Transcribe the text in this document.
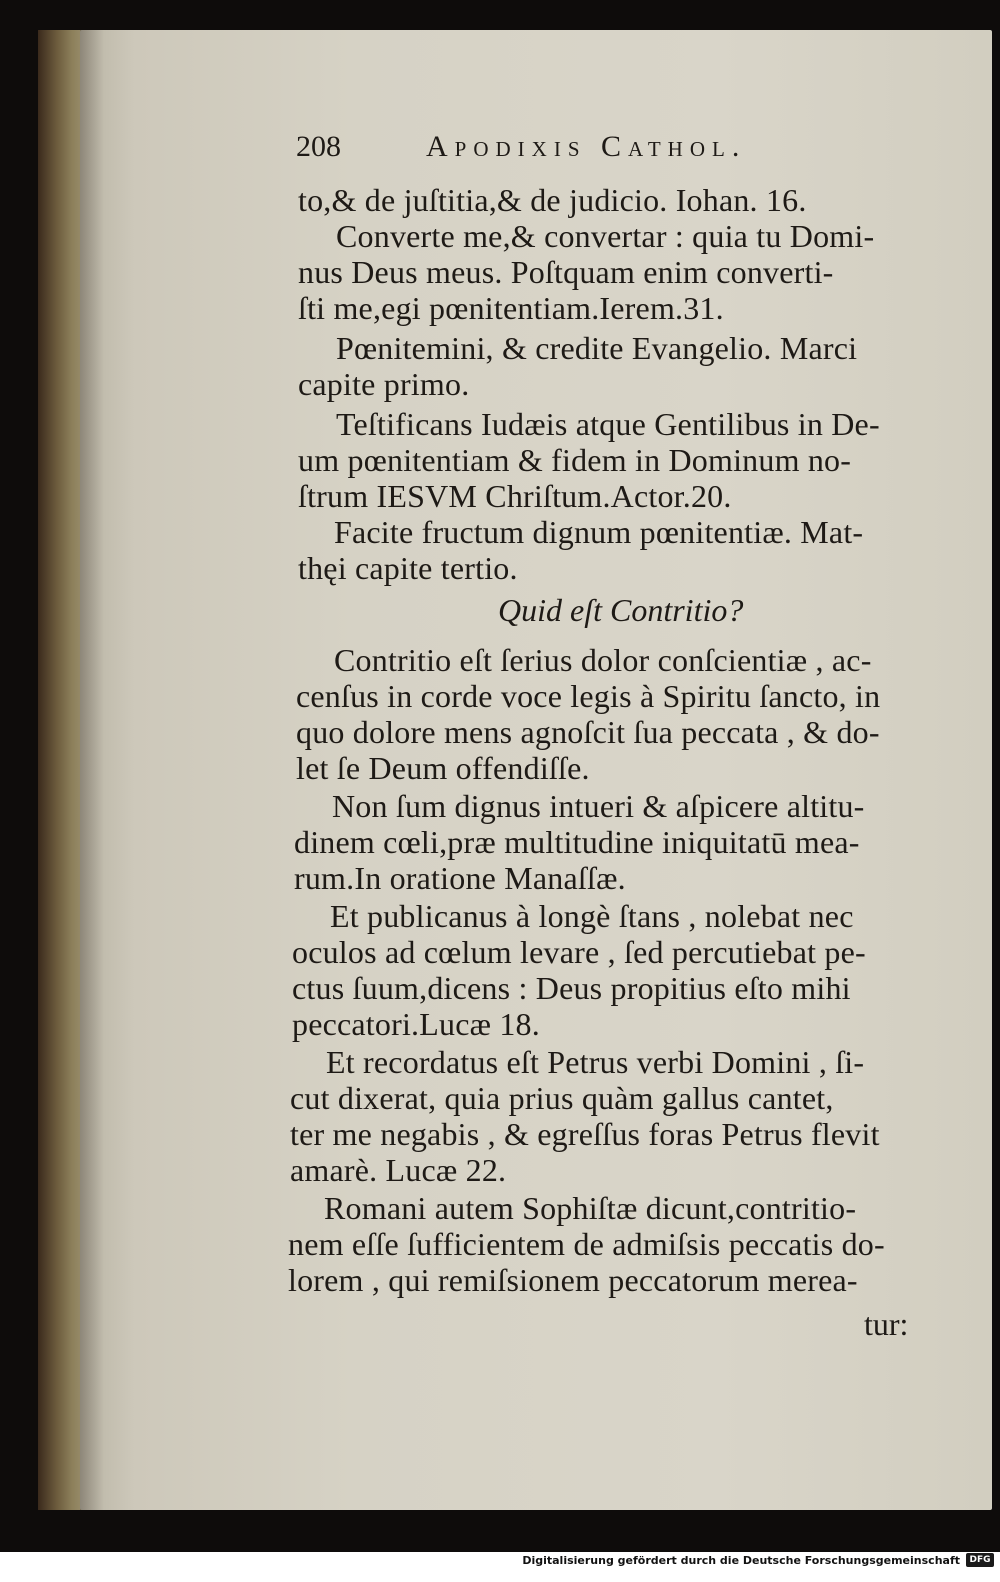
208	Apodixis Cathol.
to,& de juſtitia,& de judicio. Iohan. 16.
Converte me,& convertar : quia tu Domi-
nus Deus meus. Poſtquam enim converti-
ſti me,egi pœnitentiam.Ierem.31.
Pœnitemini, & credite Evangelio. Marci
capite primo.
Teſtificans Iudæis atque Gentilibus in De-
um pœnitentiam & fidem in Dominum no-
ſtrum IESVM Chriſtum.Actor.20.
Facite fructum dignum pœnitentiæ. Mat-
thęi capite tertio.
Quid eſt Contritio?
Contritio eſt ſerius dolor conſcientiæ , ac-
cenſus in corde voce legis à Spiritu ſancto, in
quo dolore mens agnoſcit ſua peccata , & do-
let ſe Deum offendiſſe.
Non ſum dignus intueri & aſpicere altitu-
dinem cœli,præ multitudine iniquitatū mea-
rum.In oratione Manaſſæ.
Et publicanus à longè ſtans , nolebat nec
oculos ad cœlum levare , ſed percutiebat pe-
ctus ſuum,dicens : Deus propitius eſto mihi
peccatori.Lucæ 18.
Et recordatus eſt Petrus verbi Domini , ſi-
cut dixerat, quia prius quàm gallus cantet,
ter me negabis , & egreſſus foras Petrus flevit
amarè. Lucæ 22.
Romani autem Sophiſtæ dicunt,contritio-
nem eſſe ſufficientem de admiſsis peccatis do-
lorem , qui remiſsionem peccatorum merea-
tur:
Digitalisierung gefördert durch die Deutsche Forschungsgemeinschaft	DFG
